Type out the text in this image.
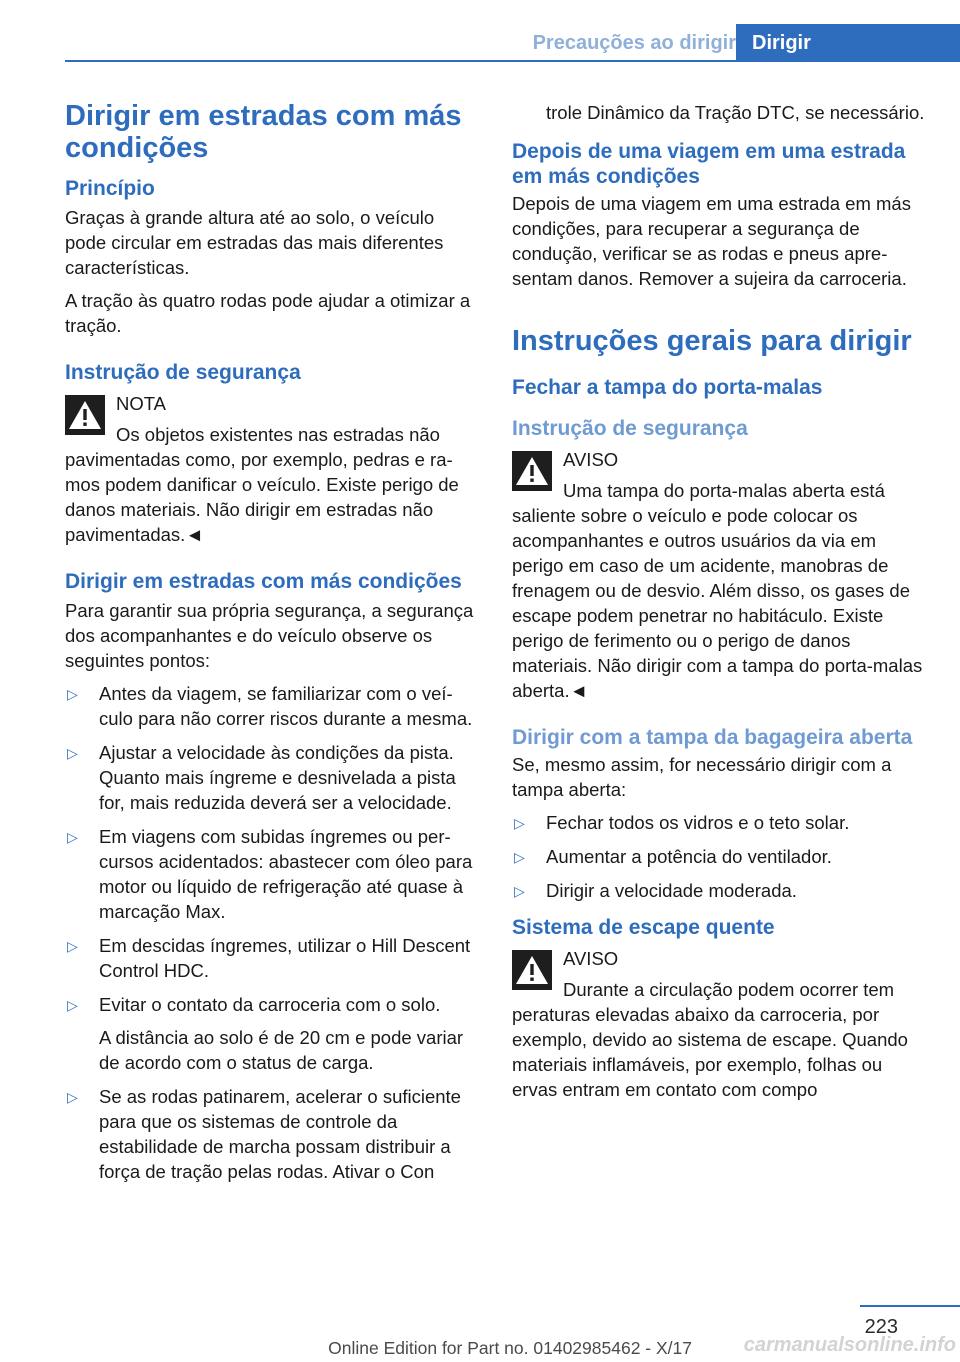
Precauções ao dirigir Dirigir
Dirigir em estradas com más condições
Princípio

Graças à grande altura até ao solo, o veículo pode circular em estradas das mais diferentes características.

A tração às quatro rodas pode ajudar a otimizar a tração.

Instrução de segurança
NOTA

Os objetos existentes nas estradas não

pavimentadas como, por exemplo, pedras e ramos podem danificar o veículo. Existe perigo de danos materiais. Não dirigir em estradas não pavimentadas.◄

Dirigir em estradas com más condições

Para garantir sua própria segurança, a segurança dos acompanhantes e do veículo observe os seguintes pontos:

▷ Antes da viagem, se familiarizar com o veículo para não correr riscos durante a mesma.
▷ Ajustar a velocidade às condições da pista. Quanto mais íngreme e desnivelada a pista for, mais reduzida deverá ser a velocidade.
▷ Em viagens com subidas íngremes ou percursos acidentados: abastecer com óleo para motor ou líquido de refrigeração até quase à marcação Max.
▷ Em descidas íngremes, utilizar o Hill Descent Control HDC.
▷ Evitar o contato da carroceria com o solo.
A distância ao solo é de 20 cm e pode variar de acordo com o status de carga.
▷ Se as rodas patinarem, acelerar o suficiente para que os sistemas de controle da estabilidade de marcha possam distribuir a força de tração pelas rodas. Ativar o Con

trole Dinâmico da Tração DTC, se necessário.

Depois de uma viagem em uma estrada em más condições

Depois de uma viagem em uma estrada em más condições, para recuperar a segurança de condução, verificar se as rodas e pneus apresentam danos. Remover a sujeira da carroceria.

Instruções gerais para dirigir
Fechar a tampa do porta-malas
Instrução de segurança
AVISO

Uma tampa do porta-malas aberta está

saliente sobre o veículo e pode colocar os acompanhantes e outros usuários da via em perigo em caso de um acidente, manobras de frenagem ou de desvio. Além disso, os gases de escape podem penetrar no habitáculo. Existe perigo de ferimento ou o perigo de danos materiais. Não dirigir com a tampa do porta-malas aberta.◄

Dirigir com a tampa da bagageira aberta

Se, mesmo assim, for necessário dirigir com a tampa aberta:

▷ Fechar todos os vidros e o teto solar.
▷ Aumentar a potência do ventilador.
▷ Dirigir a velocidade moderada.
Sistema de escape quente
AVISO

Durante a circulação podem ocorrer tem

peraturas elevadas abaixo da carroceria, por exemplo, devido ao sistema de escape. Quando materiais inflamáveis, por exemplo, folhas ou ervas entram em contato com compo

223
Online Edition for Part no. 01402985462 - X/17	carmanualsonline.info
